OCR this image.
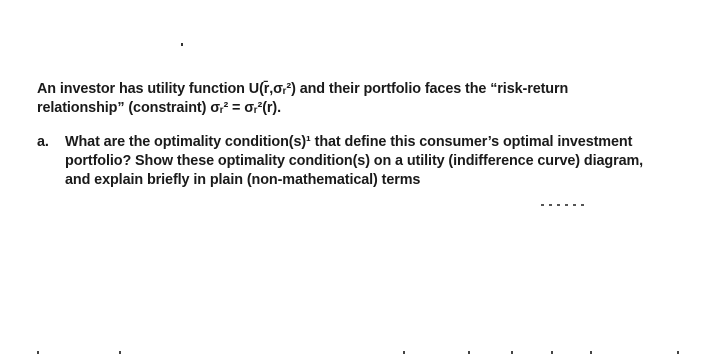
An investor has utility function U(r̄,σᵣ²) and their portfolio faces the “risk-return
relationship” (constraint) σᵣ² = σᵣ²(r).
a. What are the optimality condition(s)¹ that define this consumer’s optimal investment
portfolio? Show these optimality condition(s) on a utility (indifference curve) diagram,
and explain briefly in plain (non-mathematical) terms
